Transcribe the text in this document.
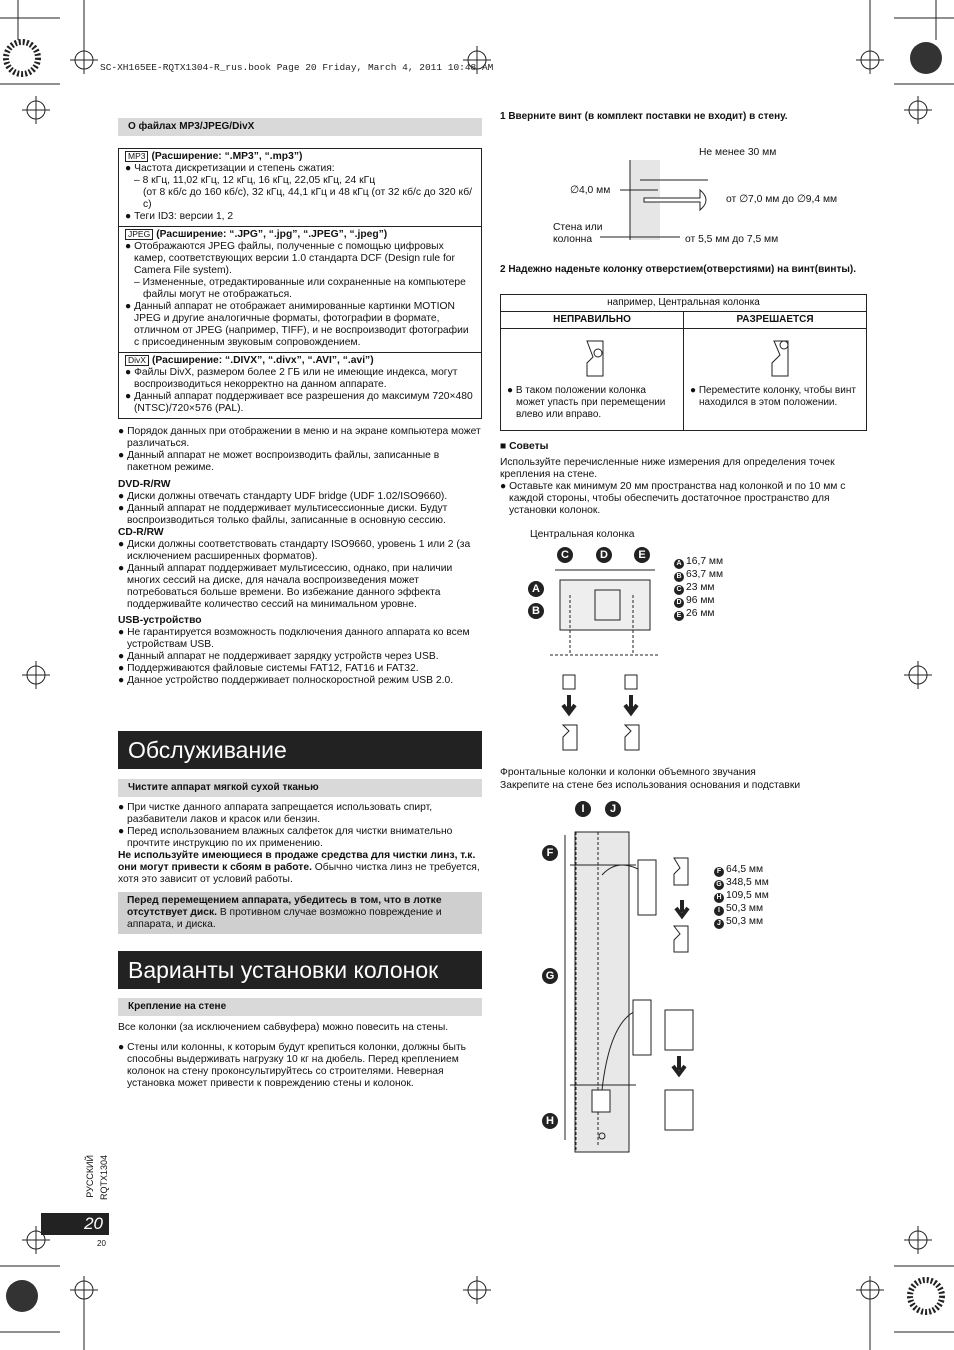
SC-XH165EE-RQTX1304-R_rus.book Page 20 Friday, March 4, 2011 10:48 AM
О файлах MP3/JPEG/DivX
MP3 (Расширение: “.MP3”, “.mp3”)
● Частота дискретизации и степень сжатия:
– 8 кГц, 11,02 кГц, 12 кГц, 16 кГц, 22,05 кГц, 24 кГц
(от 8 кб/с до 160 кб/с), 32 кГц, 44,1 кГц и 48 кГц (от 32 кб/с до 320 кб/с)
● Теги ID3: версии 1, 2
JPEG (Расширение: “.JPG”, “.jpg”, “.JPEG”, “.jpeg”)
● Отображаются JPEG файлы, полученные с помощью цифровых камер, соответствующих версии 1.0 стандарта DCF (Design rule for Camera File system).
– Измененные, отредактированные или сохраненные на компьютере файлы могут не отображаться.
● Данный аппарат не отображает анимированные картинки MOTION JPEG и другие аналогичные форматы, фотографии в формате, отличном от JPEG (например, TIFF), и не воспроизводит фотографии с присоединенным звуковым сопровождением.
DivX (Расширение: “.DIVX”, “.divx”, “.AVI”, “.avi”)
● Файлы DivX, размером более 2 ГБ или не имеющие индекса, могут воспроизводиться некорректно на данном аппарате.
● Данный аппарат поддерживает все разрешения до максимум 720×480 (NTSC)/720×576 (PAL).
● Порядок данных при отображении в меню и на экране компьютера может различаться.
● Данный аппарат не может воспроизводить файлы, записанные в пакетном режиме.
DVD-R/RW
● Диски должны отвечать стандарту UDF bridge (UDF 1.02/ISO9660).
● Данный аппарат не поддерживает мультисессионные диски. Будут воспроизводиться только файлы, записанные в основную сессию.
CD-R/RW
● Диски должны соответствовать стандарту ISO9660, уровень 1 или 2 (за исключением расширенных форматов).
● Данный аппарат поддерживает мультисессию, однако, при наличии многих сессий на диске, для начала воспроизведения может потребоваться больше времени. Во избежание данного эффекта поддерживайте количество сессий на минимальном уровне.
USB-устройство
● Не гарантируется возможность подключения данного аппарата ко всем устройствам USB.
● Данный аппарат не поддерживает зарядку устройств через USB.
● Поддерживаются файловые системы FAT12, FAT16 и FAT32.
● Данное устройство поддерживает полноскоростной режим USB 2.0.
Обслуживание
Чистите аппарат мягкой сухой тканью
● При чистке данного аппарата запрещается использовать спирт, разбавители лаков и красок или бензин.
● Перед использованием влажных салфеток для чистки внимательно прочтите инструкцию по их применению.
Не используйте имеющиеся в продаже средства для чистки линз, т.к. они могут привести к сбоям в работе. Обычно чистка линз не требуется, хотя это зависит от условий работы.
Перед перемещением аппарата, убедитесь в том, что в лотке отсутствует диск. В противном случае возможно повреждение и аппарата, и диска.
Варианты установки колонок
Крепление на стене
Все колонки (за исключением сабвуфера) можно повесить на стены.
● Стены или колонны, к которым будут крепиться колонки, должны быть способны выдерживать нагрузку 10 кг на дюбель. Перед креплением колонок на стену проконсультируйтесь со строителями. Неверная установка может привести к повреждению стены и колонок.
РУССКИЙ RQTX1304
20
20
1 Вверните винт (в комплект поставки не входит) в стену.
Не менее 30 мм
∅4,0 мм
от ∅7,0 мм до ∅9,4 мм
Стена или
колонна	от 5,5 мм до 7,5 мм
2 Надежно наденьте колонку отверстием(отверстиями) на винт(винты).
например, Центральная колонка	
НЕПРАВИЛЬНО	РАЗРЕШАЕТСЯ

● В таком положении колонка может упасть при перемещении влево или вправо.	● Переместите колонку, чтобы винт находился в этом положении.
■ Советы
Используйте перечисленные ниже измерения для определения точек крепления на стене.
● Оставьте как минимум 20 мм пространства над колонкой и по 10 мм с каждой стороны, чтобы обеспечить достаточное пространство для установки колонок.
Центральная колонка
C	D	E
A
B
A 16,7 мм
B 63,7 мм
C 23 мм
D 96 мм
E 26 мм
Фронтальные колонки и колонки объемного звучания
Закрепите на стене без использования основания и подставки
I	J
F
G
H
F 64,5 мм
G 348,5 мм
H 109,5 мм
I 50,3 мм
J 50,3 мм
